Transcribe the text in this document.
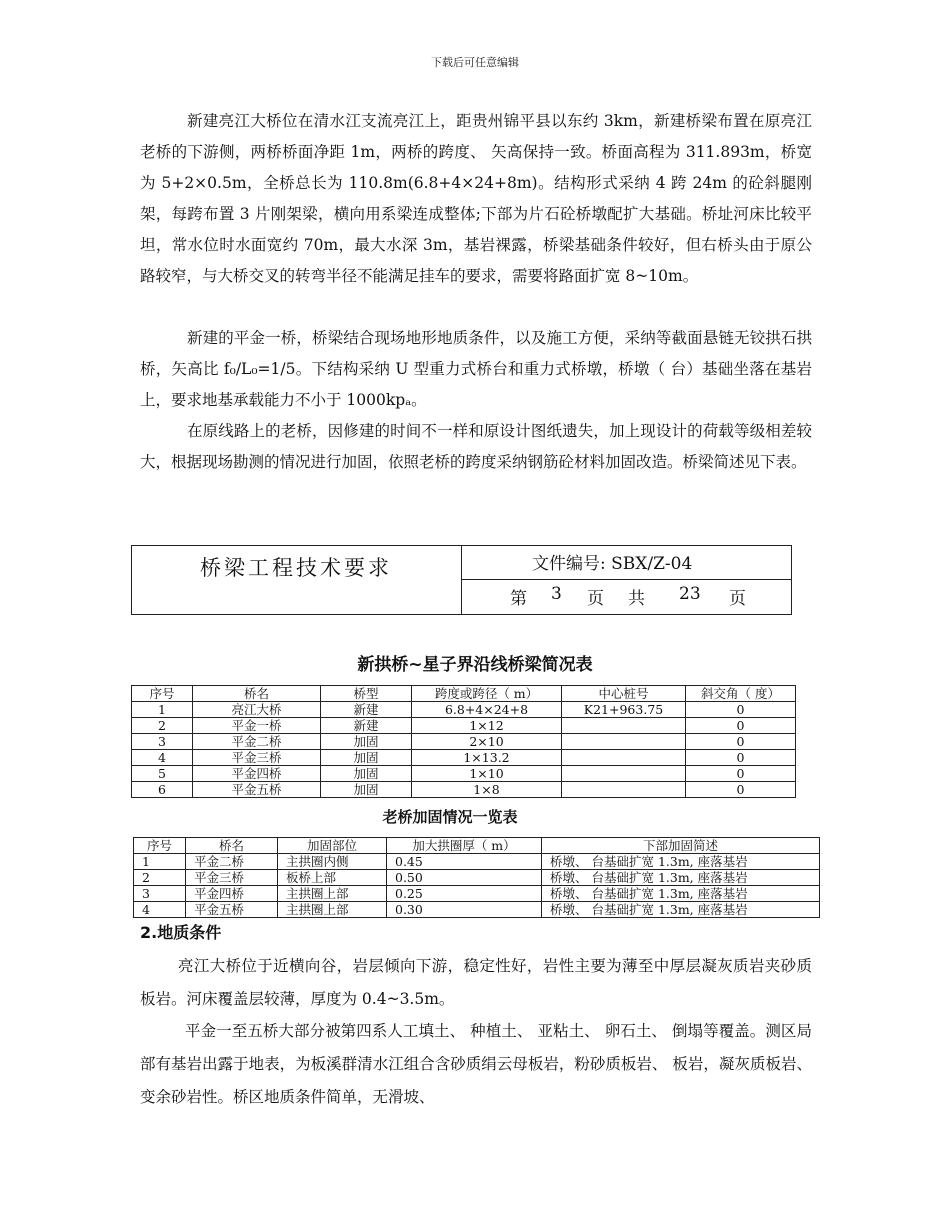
下载后可任意编辑

新建亮江大桥位在清水江支流亮江上，距贵州锦平县以东约 3km，新建桥梁布置在原亮江老桥的下游侧，两桥桥面净距 1m，两桥的跨度、 矢高保持一致。桥面高程为 311.893m，桥宽为 5+2×0.5m，全桥总长为 110.8m(6.8+4×24+8m)。结构形式采纳 4 跨 24m 的砼斜腿刚架，每跨布置 3 片刚架梁，横向用系梁连成整体;下部为片石砼桥墩配扩大基础。桥址河床比较平坦，常水位时水面宽约 70m，最大水深 3m，基岩裸露，桥梁基础条件较好，但右桥头由于原公路较窄，与大桥交叉的转弯半径不能满足挂车的要求，需要将路面扩宽 8~10m。

新建的平金一桥，桥梁结合现场地形地质条件，以及施工方便，采纳等截面悬链无铰拱石拱桥，矢高比 f₀/L₀=1/5。下结构采纳 U 型重力式桥台和重力式桥墩，桥墩（ 台）基础坐落在基岩上，要求地基承载能力不小于 1000kpₐ。

在原线路上的老桥，因修建的时间不一样和原设计图纸遗失，加上现设计的荷载等级相差较大，根据现场勘测的情况进行加固，依照老桥的跨度采纳钢筋砼材料加固改造。桥梁简述见下表。

桥梁工程技术要求	文件编号: SBX/Z-04
第 3 页 共 23 页
新拱桥~星子界沿线桥梁简况表
序号	桥名	桥型	跨度或跨径（ m）	中心桩号	斜交角（ 度）
1	亮江大桥	新建	6.8+4×24+8	K21+963.75	0
2	平金一桥	新建	1×12		0
3	平金二桥	加固	2×10		0
4	平金三桥	加固	1×13.2		0
5	平金四桥	加固	1×10		0
6	平金五桥	加固	1×8		0
老桥加固情况一览表
序号	桥名	加固部位	加大拱圈厚（ m）	下部加固简述
1	平金二桥	主拱圈内侧	0.45	桥墩、 台基础扩宽 1.3m, 座落基岩
2	平金三桥	板桥上部	0.50	桥墩、 台基础扩宽 1.3m, 座落基岩
3	平金四桥	主拱圈上部	0.25	桥墩、 台基础扩宽 1.3m, 座落基岩
4	平金五桥	主拱圈上部	0.30	桥墩、 台基础扩宽 1.3m, 座落基岩
2.地质条件

亮江大桥位于近横向谷，岩层倾向下游，稳定性好，岩性主要为薄至中厚层凝灰质岩夹砂质板岩。河床覆盖层较薄，厚度为 0.4~3.5m。

平金一至五桥大部分被第四系人工填土、 种植土、 亚粘土、 卵石土、 倒塌等覆盖。测区局部有基岩出露于地表，为板溪群清水江组合含砂质绢云母板岩，粉砂质板岩、 板岩，凝灰质板岩、 变余砂岩性。桥区地质条件简单，无滑坡、
